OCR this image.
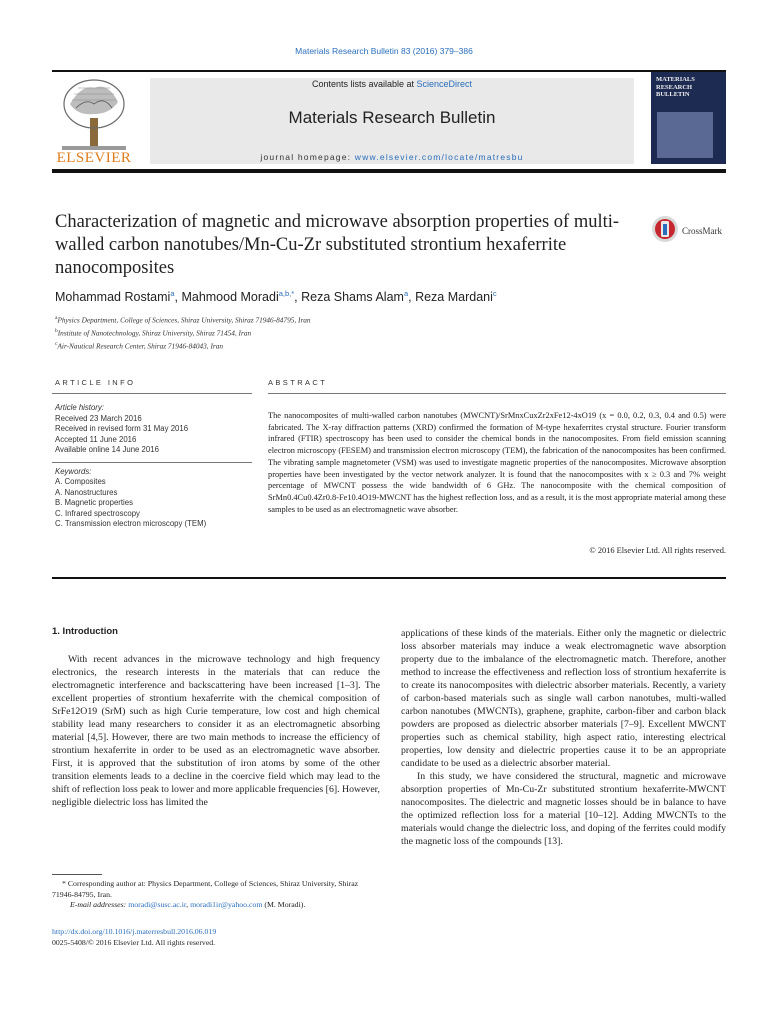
Materials Research Bulletin 83 (2016) 379–386
ELSEVIER
Contents lists available at ScienceDirect
Materials Research Bulletin
journal homepage: www.elsevier.com/locate/matresbu
MATERIALS RESEARCH BULLETIN
Characterization of magnetic and microwave absorption properties of multi-walled carbon nanotubes/Mn-Cu-Zr substituted strontium hexaferrite nanocomposites
CrossMark
Mohammad Rostami$^a$, Mahmood Moradi$^{a,b,*}$, Reza Shams Alam$^a$, Reza Mardani$^c$
$^a$Physics Department, College of Sciences, Shiraz University, Shiraz 71946-84795, Iran
$^b$Institute of Nanotechnology, Shiraz University, Shiraz 71454, Iran
$^c$Air-Nautical Research Center, Shiraz 71946-84043, Iran
ARTICLE INFO	ABSTRACT
Article history:
Received 23 March 2016
Received in revised form 31 May 2016
Accepted 11 June 2016
Available online 14 June 2016
Keywords:
A. Composites
A. Nanostructures
B. Magnetic properties
C. Infrared spectroscopy
C. Transmission electron microscopy (TEM)
The nanocomposites of multi-walled carbon nanotubes (MWCNT)/SrMnxCuxZr2xFe12-4xO19 (x = 0.0, 0.2, 0.3, 0.4 and 0.5) were fabricated. The X-ray diffraction patterns (XRD) confirmed the formation of M-type hexaferrites crystal structure. Fourier transform infrared (FTIR) spectroscopy has been used to consider the chemical bonds in the nanocomposites. From field emission scanning electron microscopy (FESEM) and transmission electron microscopy (TEM), the fabrication of the nanocomposites has been confirmed. The vibrating sample magnetometer (VSM) was used to investigate magnetic properties of the nanocomposites. Microwave absorption properties have been investigated by the vector network analyzer. It is found that the nanocomposites with x ≥ 0.3 and 7% weight percentage of MWCNT possess the wide bandwidth of 6 GHz. The nanocomposite with the chemical composition of SrMn0.4Cu0.4Zr0.8-Fe10.4O19-MWCNT has the highest reflection loss, and as a result, it is the most appropriate material among these samples to be used as an electromagnetic wave absorber.
© 2016 Elsevier Ltd. All rights reserved.
1. Introduction

With recent advances in the microwave technology and high frequency electronics, the research interests in the materials that can reduce the electromagnetic interference and backscattering have been increased [1–3]. The excellent properties of strontium hexaferrite with the chemical composition of SrFe12O19 (SrM) such as high Curie temperature, low cost and high chemical stability lead many researchers to consider it as an electromagnetic absorbing material [4,5]. However, there are two main methods to increase the efficiency of strontium hexaferrite in order to be used as an electromagnetic wave absorber. First, it is approved that the substitution of iron atoms by some of the other transition elements leads to a decline in the coercive field which may lead to the shift of reflection loss peak to lower and more applicable frequencies [6]. However, negligible dielectric loss has limited the

applications of these kinds of the materials. Either only the magnetic or dielectric loss absorber materials may induce a weak electromagnetic wave absorption property due to the imbalance of the electromagnetic match. Therefore, another method to increase the effectiveness and reflection loss of strontium hexaferrite is to create its nanocomposites with dielectric absorber materials. Recently, a variety of carbon-based materials such as single wall carbon nanotubes, multi-walled carbon nanotubes (MWCNTs), graphene, graphite, carbon-fiber and carbon black powders are proposed as dielectric absorber materials [7–9]. Excellent MWCNT properties such as chemical stability, high aspect ratio, interesting electrical properties, low density and dielectric properties cause it to be an appropriate candidate to be used as a dielectric absorber material.

In this study, we have considered the structural, magnetic and microwave absorption properties of Mn-Cu-Zr substituted strontium hexaferrite-MWCNT nanocomposites. The dielectric and magnetic losses should be in balance to have the optimized reflection loss for a material [10–12]. Adding MWCNTs to the materials would change the dielectric loss, and doping of the ferrites could modify the magnetic loss of the compounds [13].

* Corresponding author at: Physics Department, College of Sciences, Shiraz University, Shiraz 71946-84795, Iran.
E-mail addresses: moradi@susc.ac.ir, moradi1ir@yahoo.com (M. Moradi).
http://dx.doi.org/10.1016/j.materresbull.2016.06.019
0025-5408/© 2016 Elsevier Ltd. All rights reserved.
